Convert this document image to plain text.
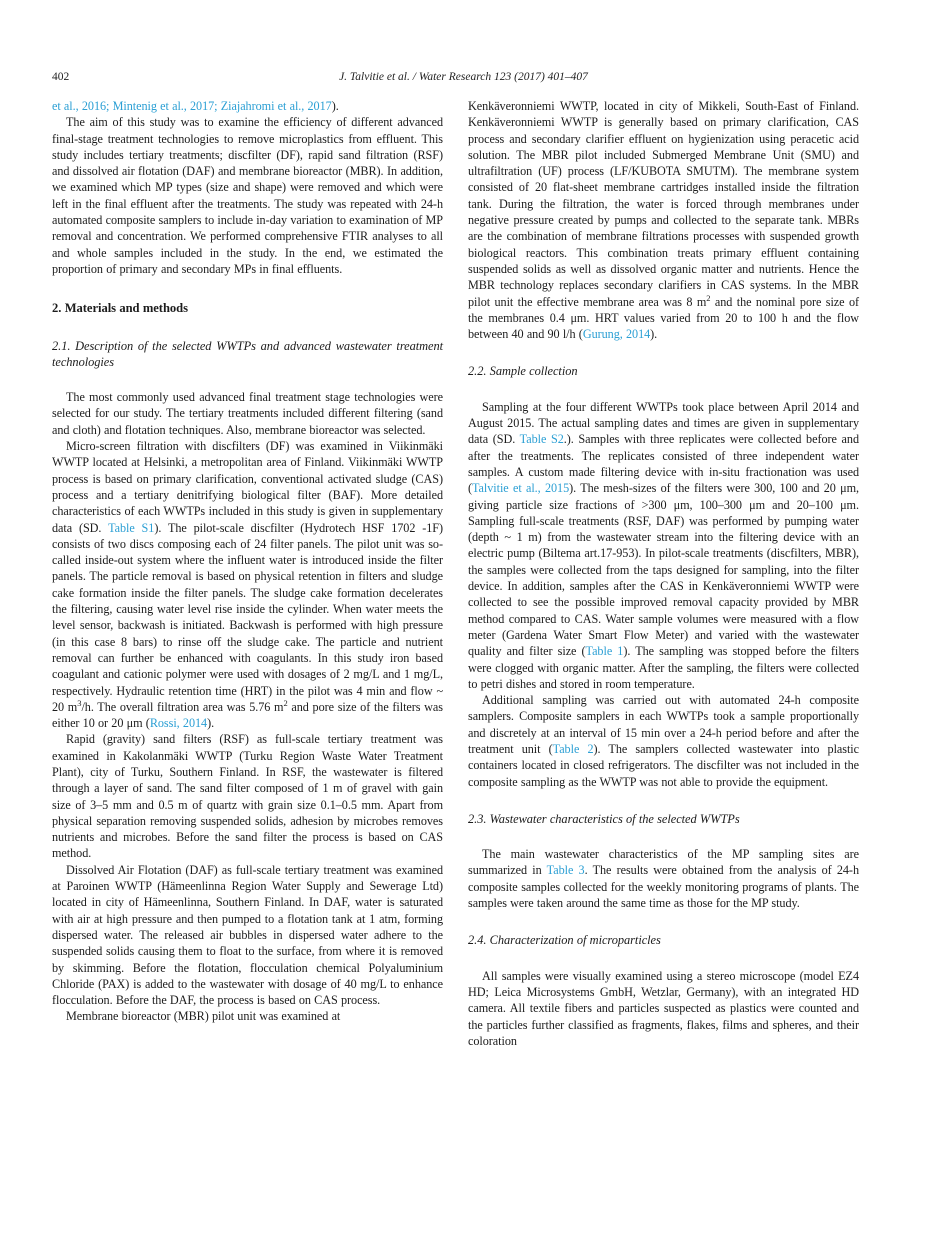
402	J. Talvitie et al. / Water Research 123 (2017) 401–407

et al., 2016; Mintenig et al., 2017; Ziajahromi et al., 2017).

The aim of this study was to examine the efficiency of different advanced final-stage treatment technologies to remove microplastics from effluent. This study includes tertiary treatments; discfilter (DF), rapid sand filtration (RSF) and dissolved air flotation (DAF) and membrane bioreactor (MBR). In addition, we examined which MP types (size and shape) were removed and which were left in the final effluent after the treatments. The study was repeated with 24-h automated composite samplers to include in-day variation to examination of MP removal and concentration. We performed comprehensive FTIR analyses to all and whole samples included in the study. In the end, we estimated the proportion of primary and secondary MPs in final effluents.

2. Materials and methods
2.1. Description of the selected WWTPs and advanced wastewater treatment technologies

The most commonly used advanced final treatment stage technologies were selected for our study. The tertiary treatments included different filtering (sand and cloth) and flotation techniques. Also, membrane bioreactor was selected.

Micro-screen filtration with discfilters (DF) was examined in Viikinmäki WWTP located at Helsinki, a metropolitan area of Finland. Viikinmäki WWTP process is based on primary clarification, conventional activated sludge (CAS) process and a tertiary denitrifying biological filter (BAF). More detailed characteristics of each WWTPs included in this study is given in supplementary data (SD. Table S1). The pilot-scale discfilter (Hydrotech HSF 1702 -1F) consists of two discs composing each of 24 filter panels. The pilot unit was so-called inside-out system where the influent water is introduced inside the filter panels. The particle removal is based on physical retention in filters and sludge cake formation inside the filter panels. The sludge cake formation decelerates the filtering, causing water level rise inside the cylinder. When water meets the level sensor, backwash is initiated. Backwash is performed with high pressure (in this case 8 bars) to rinse off the sludge cake. The particle and nutrient removal can further be enhanced with coagulants. In this study iron based coagulant and cationic polymer were used with dosages of 2 mg/L and 1 mg/L, respectively. Hydraulic retention time (HRT) in the pilot was 4 min and flow ~ 20 $m^3/h$. The overall filtration area was 5.76 $m^2$ and pore size of the filters was either 10 or 20 μm (Rossi, 2014).

Rapid (gravity) sand filters (RSF) as full-scale tertiary treatment was examined in Kakolanmäki WWTP (Turku Region Waste Water Treatment Plant), city of Turku, Southern Finland. In RSF, the wastewater is filtered through a layer of sand. The sand filter composed of 1 m of gravel with gain size of 3–5 mm and 0.5 m of quartz with grain size 0.1–0.5 mm. Apart from physical separation removing suspended solids, adhesion by microbes removes nutrients and microbes. Before the sand filter the process is based on CAS method.

Dissolved Air Flotation (DAF) as full-scale tertiary treatment was examined at Paroinen WWTP (Hämeenlinna Region Water Supply and Sewerage Ltd) located in city of Hämeenlinna, Southern Finland. In DAF, water is saturated with air at high pressure and then pumped to a flotation tank at 1 atm, forming dispersed water. The released air bubbles in dispersed water adhere to the suspended solids causing them to float to the surface, from where it is removed by skimming. Before the flotation, flocculation chemical Polyaluminium Chloride (PAX) is added to the wastewater with dosage of 40 mg/L to enhance flocculation. Before the DAF, the process is based on CAS process.

Membrane bioreactor (MBR) pilot unit was examined at

Kenkäveronniemi WWTP, located in city of Mikkeli, South-East of Finland. Kenkäveronniemi WWTP is generally based on primary clarification, CAS process and secondary clarifier effluent on hygienization using peracetic acid solution. The MBR pilot included Submerged Membrane Unit (SMU) and ultrafiltration (UF) process (LF/KUBOTA SMUTM). The membrane system consisted of 20 flat-sheet membrane cartridges installed inside the filtration tank. During the filtration, the water is forced through membranes under negative pressure created by pumps and collected to the separate tank. MBRs are the combination of membrane filtrations processes with suspended growth biological reactors. This combination treats primary effluent containing suspended solids as well as dissolved organic matter and nutrients. Hence the MBR technology replaces secondary clarifiers in CAS systems. In the MBR pilot unit the effective membrane area was 8 $m^2$ and the nominal pore size of the membranes 0.4 μm. HRT values varied from 20 to 100 h and the flow between 40 and 90 l/h (Gurung, 2014).

2.2. Sample collection

Sampling at the four different WWTPs took place between April 2014 and August 2015. The actual sampling dates and times are given in supplementary data (SD. Table S2.). Samples with three replicates were collected before and after the treatments. The replicates consisted of three independent water samples. A custom made filtering device with in-situ fractionation was used (Talvitie et al., 2015). The mesh-sizes of the filters were 300, 100 and 20 μm, giving particle size fractions of >300 μm, 100–300 μm and 20–100 μm. Sampling full-scale treatments (RSF, DAF) was performed by pumping water (depth ~ 1 m) from the wastewater stream into the filtering device with an electric pump (Biltema art.17-953). In pilot-scale treatments (discfilters, MBR), the samples were collected from the taps designed for sampling, into the filter device. In addition, samples after the CAS in Kenkäveronniemi WWTP were collected to see the possible improved removal capacity provided by MBR method compared to CAS. Water sample volumes were measured with a flow meter (Gardena Water Smart Flow Meter) and varied with the wastewater quality and filter size (Table 1). The sampling was stopped before the filters were clogged with organic matter. After the sampling, the filters were collected to petri dishes and stored in room temperature.

Additional sampling was carried out with automated 24-h composite samplers. Composite samplers in each WWTPs took a sample proportionally and discretely at an interval of 15 min over a 24-h period before and after the treatment unit (Table 2). The samplers collected wastewater into plastic containers located in closed refrigerators. The discfilter was not included in the composite sampling as the WWTP was not able to provide the equipment.

2.3. Wastewater characteristics of the selected WWTPs

The main wastewater characteristics of the MP sampling sites are summarized in Table 3. The results were obtained from the analysis of 24-h composite samples collected for the weekly monitoring programs of plants. The samples were taken around the same time as those for the MP study.

2.4. Characterization of microparticles

All samples were visually examined using a stereo microscope (model EZ4 HD; Leica Microsystems GmbH, Wetzlar, Germany), with an integrated HD camera. All textile fibers and particles suspected as plastics were counted and the particles further classified as fragments, flakes, films and spheres, and their coloration
